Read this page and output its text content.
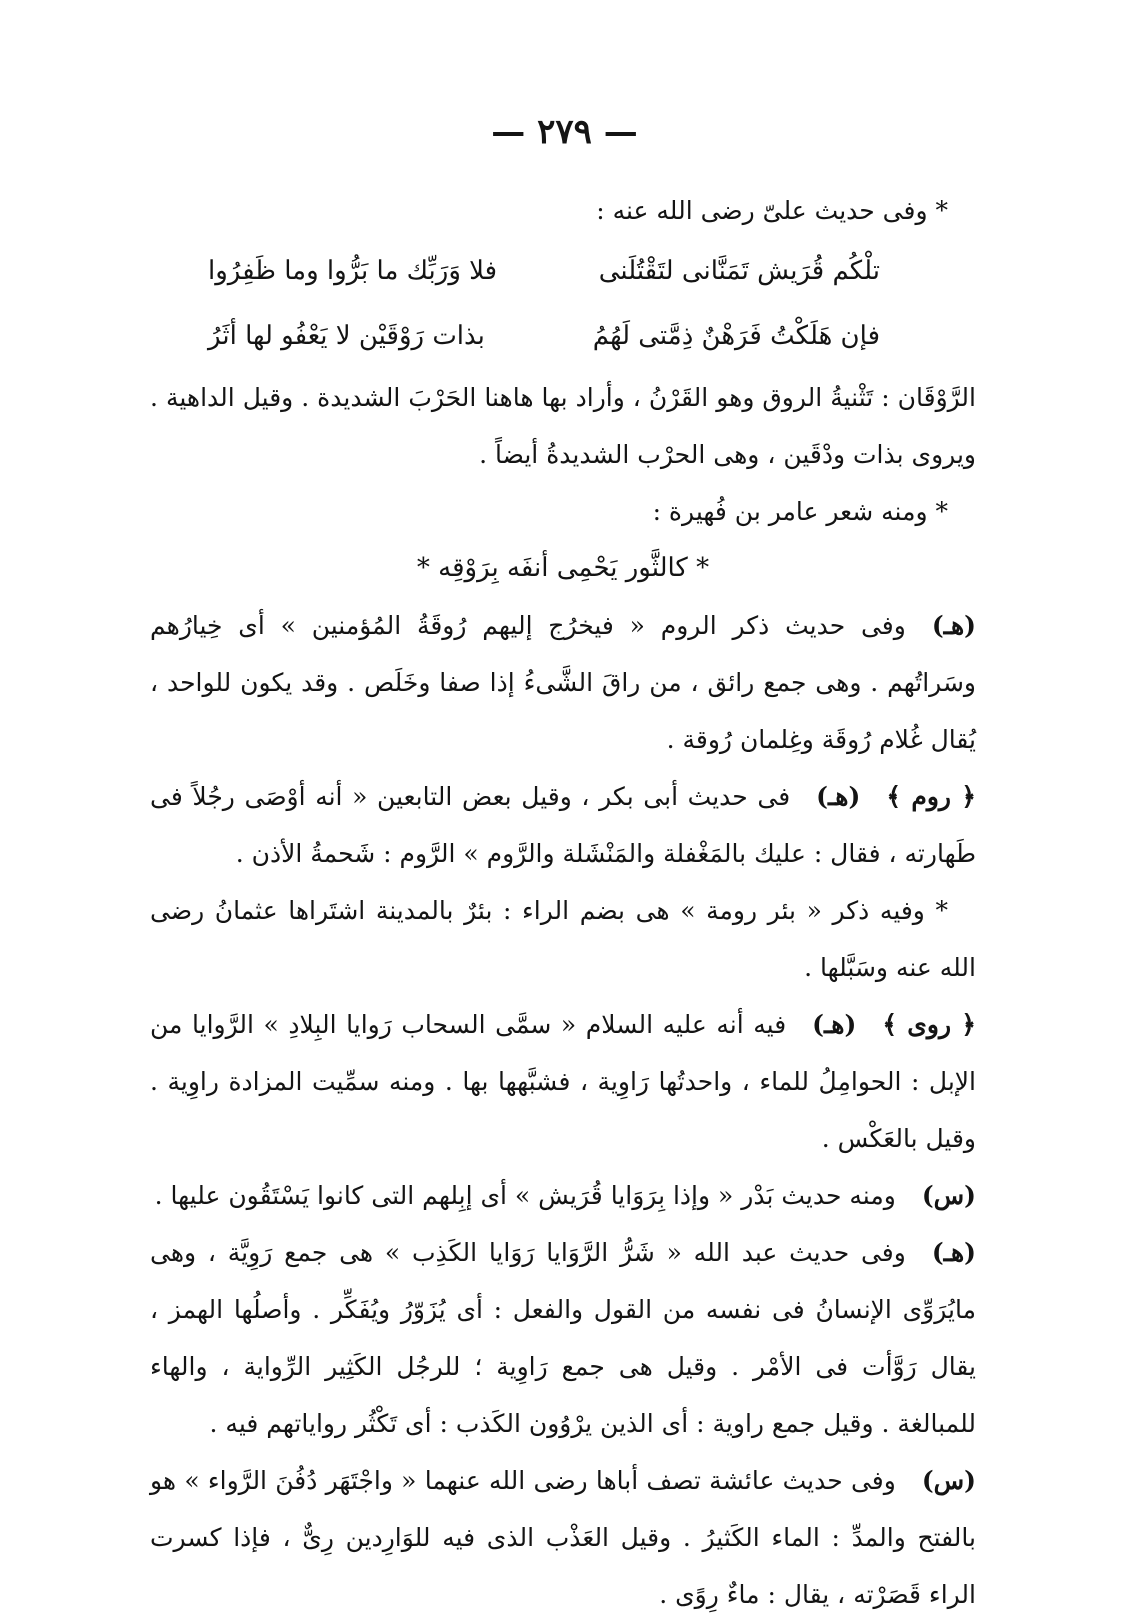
— ٢٧٩ —

* وفى حديث علىّ رضى الله عنه :

تلْكُم قُرَيش تَمَنَّانى لتَقْتُلَنى
فلا وَرَبِّك ما بَرُّوا وما ظَفِرُوا
فإن هَلَكْتُ فَرَهْنٌ ذِمَّتى لَهُمُ
بذات رَوْقَيْن لا يَعْفُو لها أثَرُ

الرَّوْقَان : تَثْنيةُ الروق وهو القَرْنُ ، وأراد بها هاهنا الحَرْبَ الشديدة . وقيل الداهية . ويروى بذات ودْقَين ، وهى الحرْب الشديدةُ أيضاً .

* ومنه شعر عامر بن فُهيرة :

* كالثَّور يَحْمِى أنفَه بِرَوْقِه *

(هـ)وفى حديث ذكر الروم « فيخرُج إليهم رُوقَةُ المُؤمنين » أى خِيارُهم وسَراتُهم . وهى جمع رائق ، من راقَ الشَّىءُ إذا صفا وخَلَص . وقد يكون للواحد ، يُقال غُلام رُوقَة وغِلمان رُوقة .

﴿ روم ﴾(هـ)فى حديث أبى بكر ، وقيل بعض التابعين « أنه أوْصَى رجُلاً فى طَهارته ، فقال : عليك بالمَغْفلة والمَنْشَلة والرَّوم » الرَّوم : شَحمةُ الأذن .

* وفيه ذكر « بئر رومة » هى بضم الراء : بئرٌ بالمدينة اشتَراها عثمانُ رضى الله عنه وسَبَّلها .

﴿ روى ﴾(هـ)فيه أنه عليه السلام « سمَّى السحاب رَوايا البِلادِ » الرَّوايا من الإبل : الحوامِلُ للماء ، واحدتُها رَاوِية ، فشبَّهها بها . ومنه سمِّيت المزادة راوِية . وقيل بالعَكْس .

(س)ومنه حديث بَدْر « وإذا بِرَوَايا قُرَيش » أى إبِلهم التى كانوا يَسْتَقُون عليها .

(هـ)وفى حديث عبد الله « شَرُّ الرَّوَايا رَوَايا الكَذِب » هى جمع رَوِيَّة ، وهى مايُرَوِّى الإنسانُ فى نفسه من القول والفعل : أى يُزَوّرُ ويُفَكِّر . وأصلُها الهمز ، يقال رَوَّأت فى الأمْر . وقيل هى جمع رَاوِية ؛ للرجُل الكَثِير الرِّواية ، والهاء للمبالغة . وقيل جمع راوية : أى الذين يرْوُون الكَذب : أى تَكْثُر رواياتهم فيه .

(س)وفى حديث عائشة تصف أباها رضى الله عنهما « واجْتَهَر دُفُنَ الرَّواء » هو بالفتح والمدِّ : الماء الكَثيرُ . وقيل العَذْب الذى فيه للوَارِدين رِىٌّ ، فإذا كسرت الراء قَصَرْته ، يقال : ماءٌ رِوًى .
